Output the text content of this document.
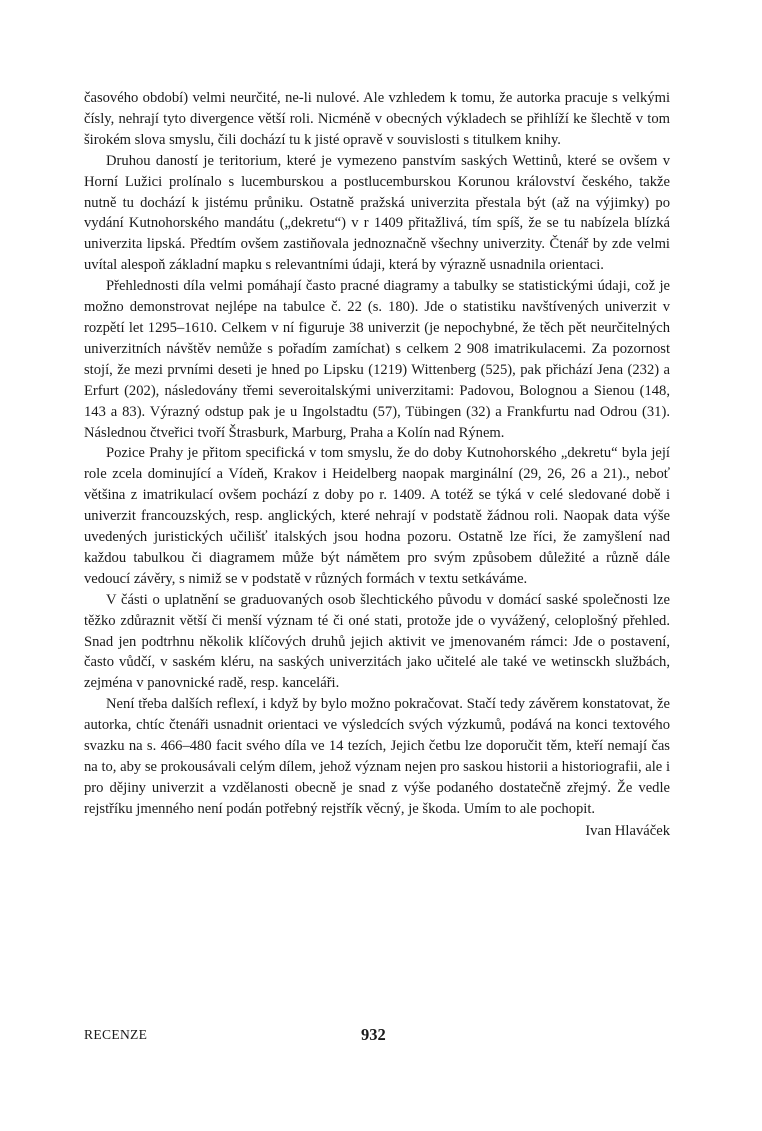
časového období) velmi neurčité, ne-li nulové. Ale vzhledem k tomu, že autorka pracuje s velkými čísly, nehrají tyto divergence větší roli. Nicméně v obecných výkladech se přihlíží ke šlechtě v tom širokém slova smyslu, čili dochází tu k jisté opravě v souvislosti s titulkem knihy.

Druhou daností je teritorium, které je vymezeno panstvím saských Wettinů, které se ovšem v Horní Lužici prolínalo s lucemburskou a postlucemburskou Korunou království českého, takže nutně tu dochází k jistému průniku. Ostatně pražská univerzita přestala být (až na výjimky) po vydání Kutnohorského mandátu („dekretu“) v r 1409 přitažlivá, tím spíš, že se tu nabízela blízká univerzita lipská. Předtím ovšem zastiňovala jednoznačně všechny univerzity. Čtenář by zde velmi uvítal alespoň základní mapku s relevantními údaji, která by výrazně usnadnila orientaci.

Přehlednosti díla velmi pomáhají často pracné diagramy a tabulky se statistickými údaji, což je možno demonstrovat nejlépe na tabulce č. 22 (s. 180). Jde o statistiku navštívených univerzit v rozpětí let 1295–1610. Celkem v ní figuruje 38 univerzit (je nepochybné, že těch pět neurčitelných univerzitních návštěv nemůže s pořadím zamíchat) s celkem 2 908 imatrikulacemi. Za pozornost stojí, že mezi prvními deseti je hned po Lipsku (1219) Wittenberg (525), pak přichází Jena (232) a Erfurt (202), následovány třemi severoitalskými univerzitami: Padovou, Bolognou a Sienou (148, 143 a 83). Výrazný odstup pak je u Ingolstadtu (57), Tübingen (32) a Frankfurtu nad Odrou (31). Následnou čtveřici tvoří Štrasburk, Marburg, Praha a Kolín nad Rýnem.

Pozice Prahy je přitom specifická v tom smyslu, že do doby Kutnohorského „dekretu“ byla její role zcela dominující a Vídeň, Krakov i Heidelberg naopak marginální (29, 26, 26 a 21)., neboť většina z imatrikulací ovšem pochází z doby po r. 1409. A totéž se týká v celé sledované době i univerzit francouzských, resp. anglických, které nehrají v podstatě žádnou roli. Naopak data výše uvedených juristických učilišť italských jsou hodna pozoru. Ostatně lze říci, že zamyšlení nad každou tabulkou či diagramem může být námětem pro svým způsobem důležité a různě dále vedoucí závěry, s nimiž se v podstatě v různých formách v textu setkáváme.

V části o uplatnění se graduovaných osob šlechtického původu v domácí saské společnosti lze těžko zdůraznit větší či menší význam té či oné stati, protože jde o vyvážený, celoplošný přehled. Snad jen podtrhnu několik klíčových druhů jejich aktivit ve jmenovaném rámci: Jde o postavení, často vůdčí, v saském kléru, na saských univerzitách jako učitelé ale také ve wetinsckh službách, zejména v panovnické radě, resp. kanceláři.

Není třeba dalších reflexí, i když by bylo možno pokračovat. Stačí tedy závěrem konstatovat, že autorka, chtíc čtenáři usnadnit orientaci ve výsledcích svých výzkumů, podává na konci textového svazku na s. 466–480 facit svého díla ve 14 tezích, Jejich četbu lze doporučit těm, kteří nemají čas na to, aby se prokousávali celým dílem, jehož význam nejen pro saskou historii a historiografii, ale i pro dějiny univerzit a vzdělanosti obecně je snad z výše podaného dostatečně zřejmý. Že vedle rejstříku jmenného není podán potřebný rejstřík věcný, je škoda. Umím to ale pochopit.

Ivan Hlaváček

RECENZE	932
